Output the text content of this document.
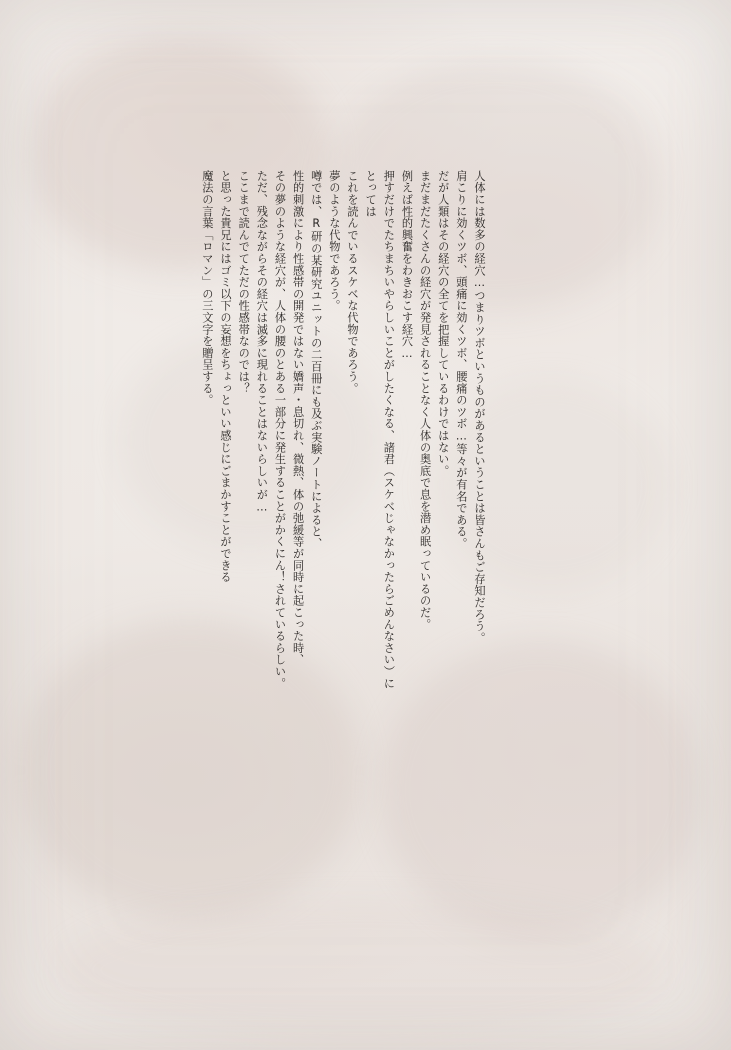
人体には数多の経穴…つまりツボというものがあるということは皆さんもご存知だろう。

肩こりに効くツボ、頭痛に効くツボ、腰痛のツボ…等々が有名である。

だが人類はその経穴の全てを把握しているわけではない。

まだまだたくさんの経穴が発見されることなく人体の奥底で息を潜め眠っているのだ。

例えば性的興奮をわきおこす経穴…

押すだけでたちまちいやらしいことがしたくなる、諸君（スケベじゃなかったらごめんなさい）にとっては

これを読んでいるスケベな代物であろう。

夢のような代物であろう。

噂では、R研の某研究ユニットの二百冊にも及ぶ実験ノートによると、

性的刺激により性感帯の開発ではない嬌声・息切れ、微熱、体の弛緩等が同時に起こった時、

その夢のような経穴が、人体の腰のとある一部分に発生することがかくにん！されているらしい。

ただ、残念ながらその経穴は滅多に現れることはないらしいが…

ここまで読んでてただの性感帯なのでは？

と思った貴兄にはゴミ以下の妄想をちょっといい感じにごまかすことができる

魔法の言葉「ロマン」の三文字を贈呈する。
